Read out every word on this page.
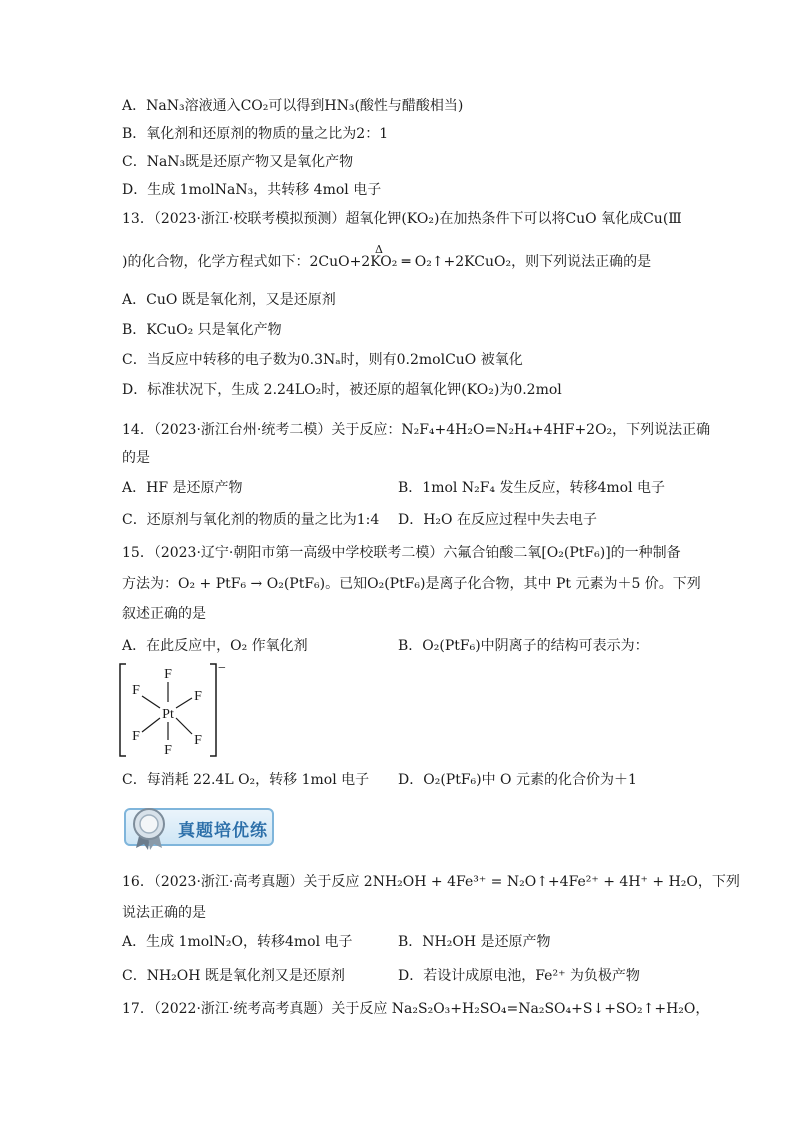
A．NaN₃溶液通入CO₂可以得到HN₃(酸性与醋酸相当)
B．氧化剂和还原剂的物质的量之比为2：1
C．NaN₃既是还原产物又是氧化产物
D．生成 1molNaN₃，共转移 4mol 电子
13．（2023·浙江·校联考模拟预测）超氧化钾(KO₂)在加热条件下可以将CuO 氧化成Cu(Ⅲ
Δ
)的化合物，化学方程式如下：2CuO+2KO₂ ═ O₂↑+2KCuO₂，则下列说法正确的是
A．CuO 既是氧化剂，又是还原剂
B．KCuO₂ 只是氧化产物
C．当反应中转移的电子数为0.3Nₐ时，则有0.2molCuO 被氧化
D．标准状况下，生成 2.24LO₂时，被还原的超氧化钾(KO₂)为0.2mol
14．（2023·浙江台州·统考二模）关于反应：N₂F₄+4H₂O=N₂H₄+4HF+2O₂，下列说法正确
的是
A．HF 是还原产物	B．1mol N₂F₄ 发生反应，转移4mol 电子
C．还原剂与氧化剂的物质的量之比为1:4 D．H₂O 在反应过程中失去电子
15．（2023·辽宁·朝阳市第一高级中学校联考二模）六氟合铂酸二氧[O₂(PtF₆)]的一种制备
方法为：O₂ + PtF₆ → O₂(PtF₆)。已知O₂(PtF₆)是离子化合物，其中 Pt 元素为＋5 价。下列
叙述正确的是
A．在此反应中，O₂ 作氧化剂	B．O₂(PtF₆)中阴离子的结构可表示为：
Pt
F
F
F	F
F	F
−
C．每消耗 22.4L O₂，转移 1mol 电子 D．O₂(PtF₆)中 O 元素的化合价为＋1
真题培优练
16．（2023·浙江·高考真题）关于反应 2NH₂OH + 4Fe³⁺ = N₂O↑+4Fe²⁺ + 4H⁺ + H₂O，下列
说法正确的是
A．生成 1molN₂O，转移4mol 电子	B．NH₂OH 是还原产物
C．NH₂OH 既是氧化剂又是还原剂	D．若设计成原电池，Fe²⁺ 为负极产物
17．（2022·浙江·统考高考真题）关于反应 Na₂S₂O₃+H₂SO₄=Na₂SO₄+S↓+SO₂↑+H₂O，
